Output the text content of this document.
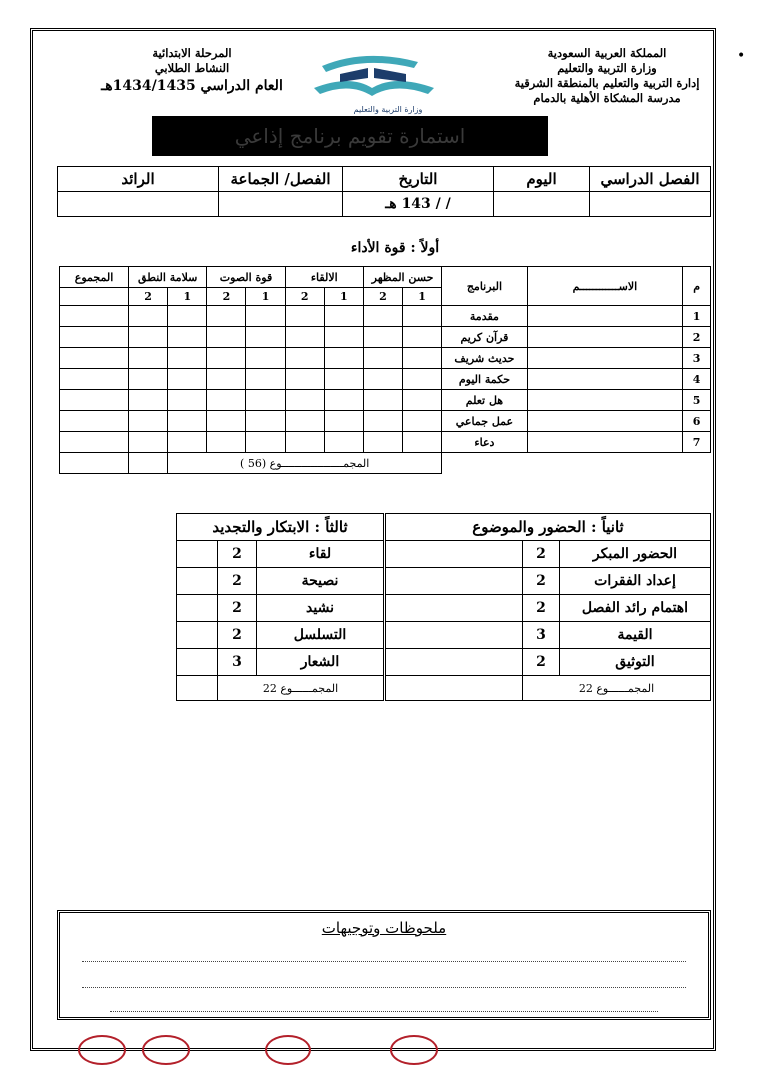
•
المملكة العربية السعودية
وزارة التربية والتعليم
إدارة التربية والتعليم بالمنطقة الشرقية
مدرسة المشكاة الأهلية بالدمام
المرحلة الابتدائية
النشاط الطلابي
العام الدراسي 1434/1435هـ
وزارة التربية والتعليم
استمارة تقويم برنامج إذاعي
الفصل الدراسي	اليوم	التاريخ	الفصل/ الجماعة	الرائد
		/ / 143 هـ		
أولاً : قوة الأداء
م	الاســــــــــــم	البرنامج	حسن المظهر		الالقاء		قوة الصوت		سلامة النطق		المجموع
			1	2	1	2	1	2	1	2	
1		مقدمة									
2		قرآن كريم									
3		حديث شريف									
4		حكمة اليوم									
5		هل تعلم									
6		عمل جماعي									
7		دعاء									
			المجمـــــــــــــــــــوع (56 )								
ثانياً : الحضور والموضوع		
الحضور المبكر	2	
إعداد الفقرات	2	
اهتمام رائد الفصل	2	
القيمة	3	
التوثيق	2	
المجمــــــوع 22		
ثالثاً : الابتكار والتجديد		
لقاء	2	
نصيحة	2	
نشيد	2	
التسلسل	2	
الشعار	3	
المجمــــــوع 22		
ملحوظات وتوجيهات
